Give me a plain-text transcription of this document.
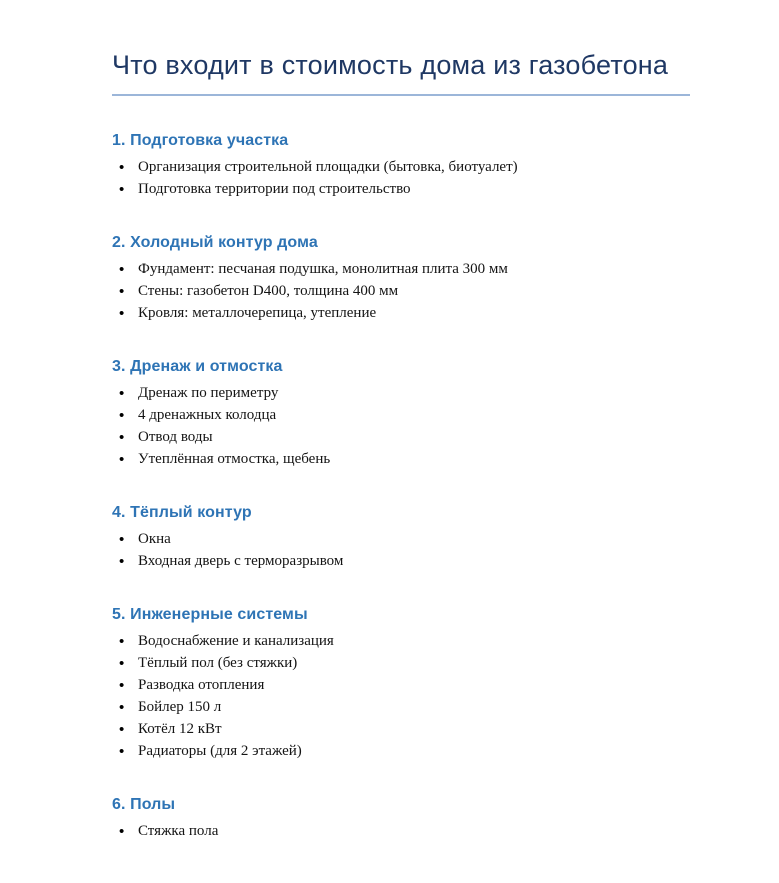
Что входит в стоимость дома из газобетона
1. Подготовка участка
• Организация строительной площадки (бытовка, биотуалет)
• Подготовка территории под строительство
2. Холодный контур дома
• Фундамент: песчаная подушка, монолитная плита 300 мм
• Стены: газобетон D400, толщина 400 мм
• Кровля: металлочерепица, утепление
3. Дренаж и отмостка
• Дренаж по периметру
• 4 дренажных колодца
• Отвод воды
• Утеплённая отмостка, щебень
4. Тёплый контур
• Окна
• Входная дверь с терморазрывом
5. Инженерные системы
• Водоснабжение и канализация
• Тёплый пол (без стяжки)
• Разводка отопления
• Бойлер 150 л
• Котёл 12 кВт
• Радиаторы (для 2 этажей)
6. Полы
• Стяжка пола
